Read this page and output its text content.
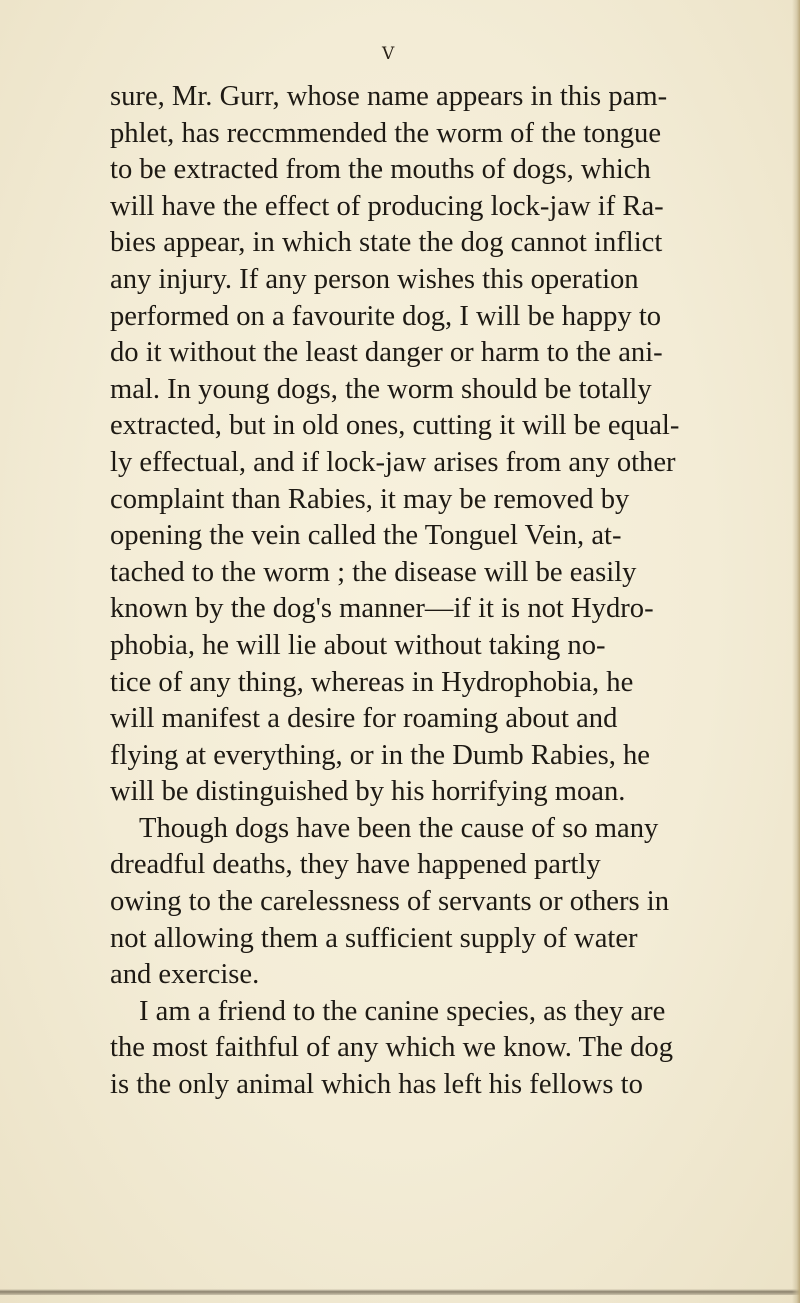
V
sure, Mr. Gurr, whose name appears in this pam-
phlet, has reccmmended the worm of the tongue
to be extracted from the mouths of dogs, which
will have the effect of producing lock-jaw if Ra-
bies appear, in which state the dog cannot inflict
any injury. If any person wishes this operation
performed on a favourite dog, I will be happy to
do it without the least danger or harm to the ani-
mal. In young dogs, the worm should be totally
extracted, but in old ones, cutting it will be equal-
ly effectual, and if lock-jaw arises from any other
complaint than Rabies, it may be removed by
opening the vein called the Tonguel Vein, at-
tached to the worm ; the disease will be easily
known by the dog's manner—if it is not Hydro-
phobia, he will lie about without taking no-
tice of any thing, whereas in Hydrophobia, he
will manifest a desire for roaming about and
flying at everything, or in the Dumb Rabies, he
will be distinguished by his horrifying moan.
Though dogs have been the cause of so many
dreadful deaths, they have happened partly
owing to the carelessness of servants or others in
not allowing them a sufficient supply of water
and exercise.
I am a friend to the canine species, as they are
the most faithful of any which we know. The dog
is the only animal which has left his fellows to
